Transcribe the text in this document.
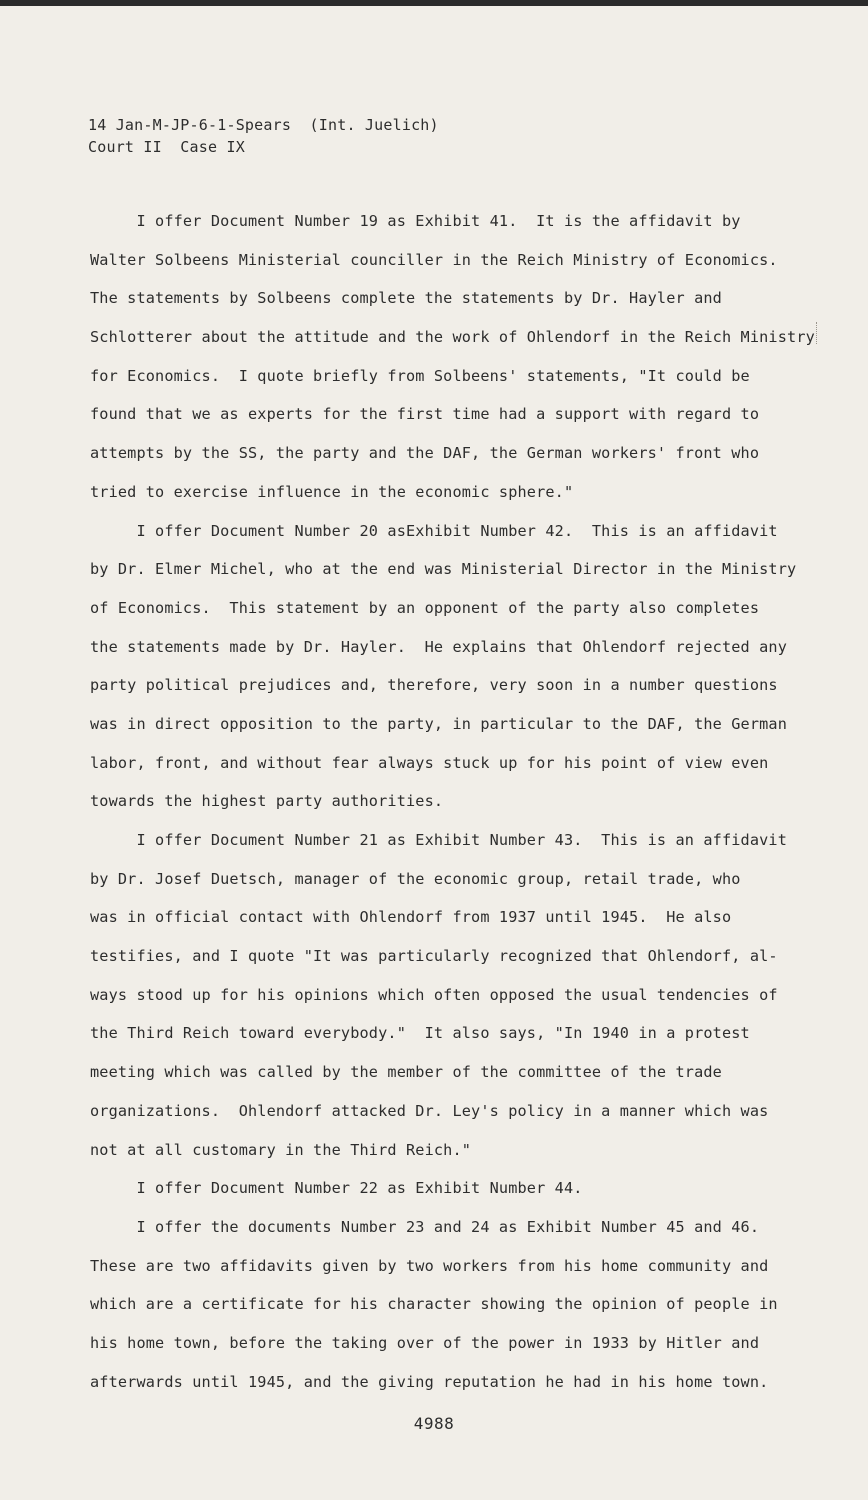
14 Jan-M-JP-6-1-Spears  (Int. Juelich)
Court II  Case IX
I offer Document Number 19 as Exhibit 41.  It is the affidavit by
Walter Solbeens Ministerial counciller in the Reich Ministry of Economics.
The statements by Solbeens complete the statements by Dr. Hayler and
Schlotterer about the attitude and the work of Ohlendorf in the Reich Ministry
for Economics.  I quote briefly from Solbeens' statements, "It could be
found that we as experts for the first time had a support with regard to
attempts by the SS, the party and the DAF, the German workers' front who
tried to exercise influence in the economic sphere."
I offer Document Number 20 asExhibit Number 42.  This is an affidavit
by Dr. Elmer Michel, who at the end was Ministerial Director in the Ministry
of Economics.  This statement by an opponent of the party also completes
the statements made by Dr. Hayler.  He explains that Ohlendorf rejected any
party political prejudices and, therefore, very soon in a number questions
was in direct opposition to the party, in particular to the DAF, the German
labor, front, and without fear always stuck up for his point of view even
towards the highest party authorities.
I offer Document Number 21 as Exhibit Number 43.  This is an affidavit
by Dr. Josef Duetsch, manager of the economic group, retail trade, who
was in official contact with Ohlendorf from 1937 until 1945.  He also
testifies, and I quote "It was particularly recognized that Ohlendorf, al-
ways stood up for his opinions which often opposed the usual tendencies of
the Third Reich toward everybody."  It also says, "In 1940 in a protest
meeting which was called by the member of the committee of the trade
organizations.  Ohlendorf attacked Dr. Ley's policy in a manner which was
not at all customary in the Third Reich."
I offer Document Number 22 as Exhibit Number 44.
I offer the documents Number 23 and 24 as Exhibit Number 45 and 46.
These are two affidavits given by two workers from his home community and
which are a certificate for his character showing the opinion of people in
his home town, before the taking over of the power in 1933 by Hitler and
afterwards until 1945, and the giving reputation he had in his home town.
4988
